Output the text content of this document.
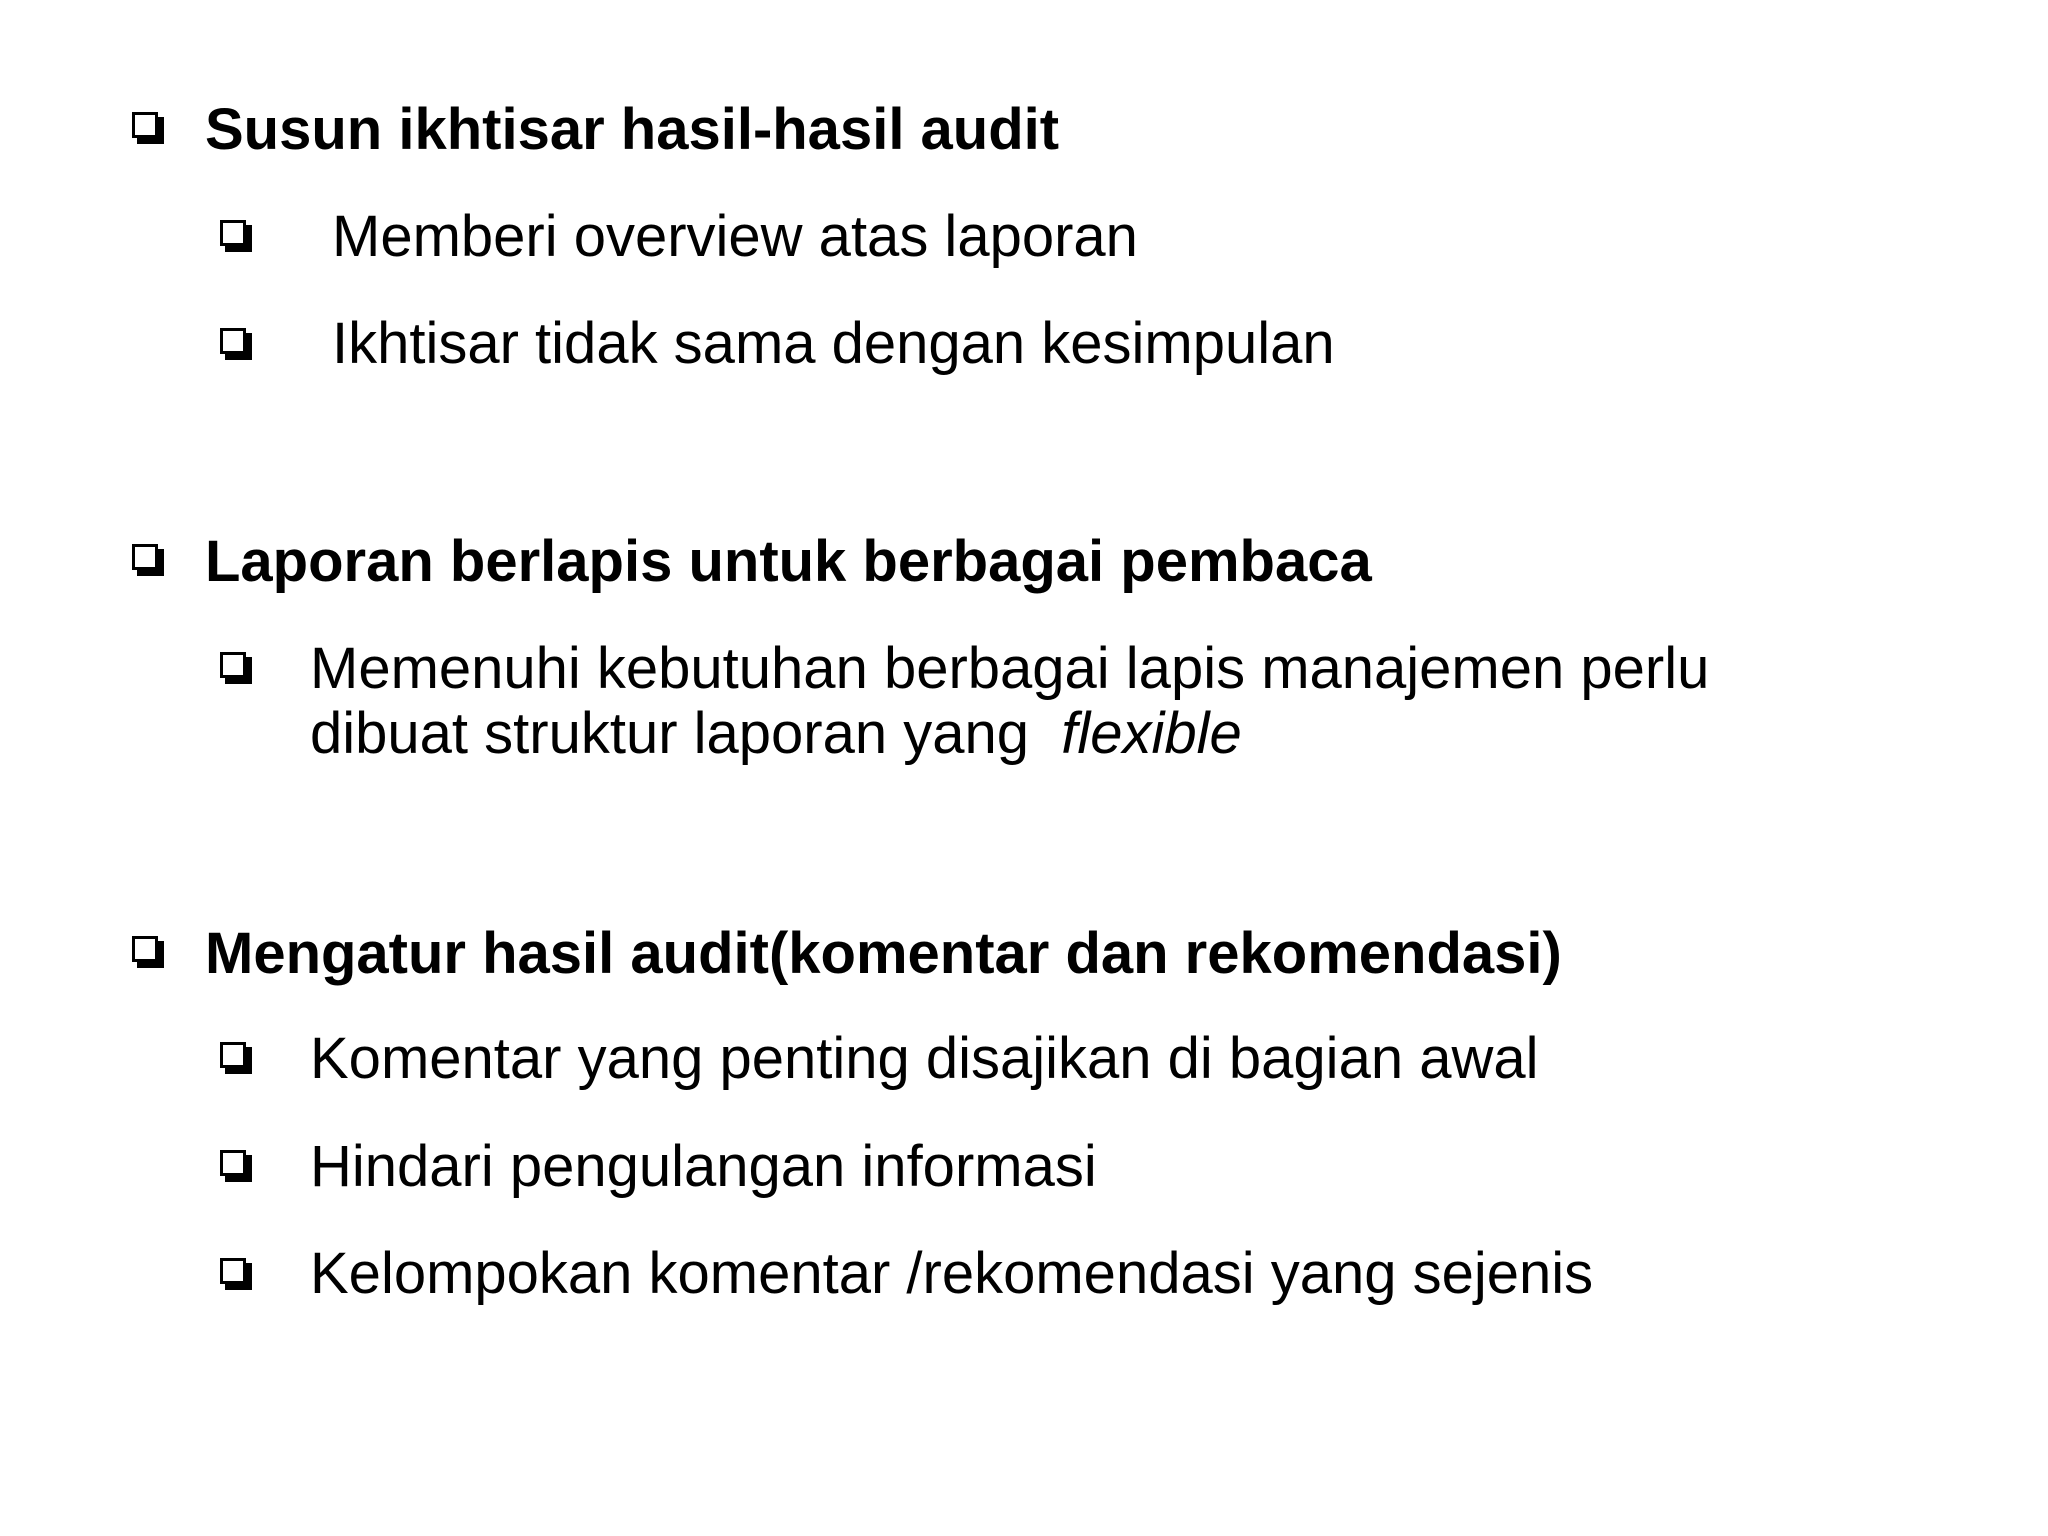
Susun ikhtisar hasil-hasil audit
Memberi overview atas laporan
Ikhtisar tidak sama dengan kesimpulan
Laporan berlapis untuk berbagai pembaca
Memenuhi kebutuhan berbagai lapis manajemen perlu
dibuat struktur laporan yang  flexible
Mengatur hasil audit(komentar dan rekomendasi)
Komentar yang penting disajikan di bagian awal
Hindari pengulangan informasi
Kelompokan komentar /rekomendasi yang sejenis
